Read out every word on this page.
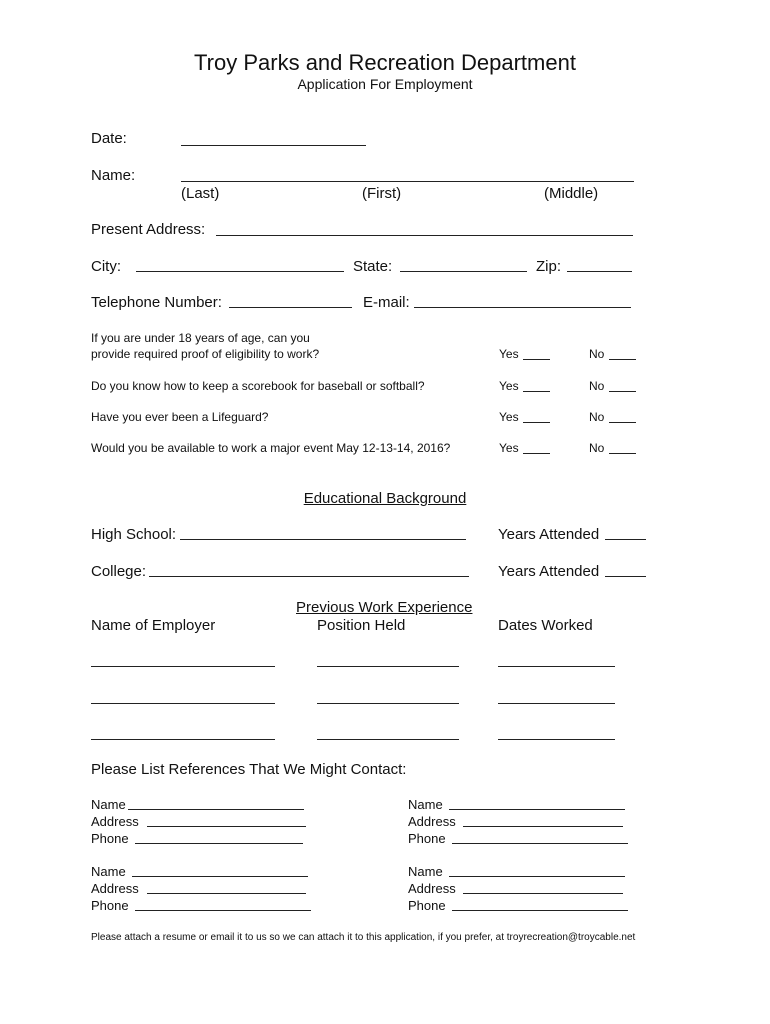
Troy Parks and Recreation Department
Application For Employment
Date:
Name:
(Last)	(First)	(Middle)
Present Address:
City:	State:	Zip:
Telephone Number:	E-mail:
If you are under 18 years of age, can you
provide required proof of eligibility to work?	Yes	No
Do you know how to keep a scorebook for baseball or softball?	Yes	No
Have you ever been a Lifeguard?	Yes	No
Would you be available to work a major event May 12-13-14, 2016?	Yes	No
Educational Background
High School:	Years Attended
College:	Years Attended
Previous Work Experience
Name of Employer	Position Held	Dates Worked
Please List References That We Might Contact:
Name
Address
Phone
Name
Address
Phone
Name
Address
Phone
Name
Address
Phone
Please attach a resume or email it to us so we can attach it to this application, if you prefer, at troyrecreation@troycable.net
